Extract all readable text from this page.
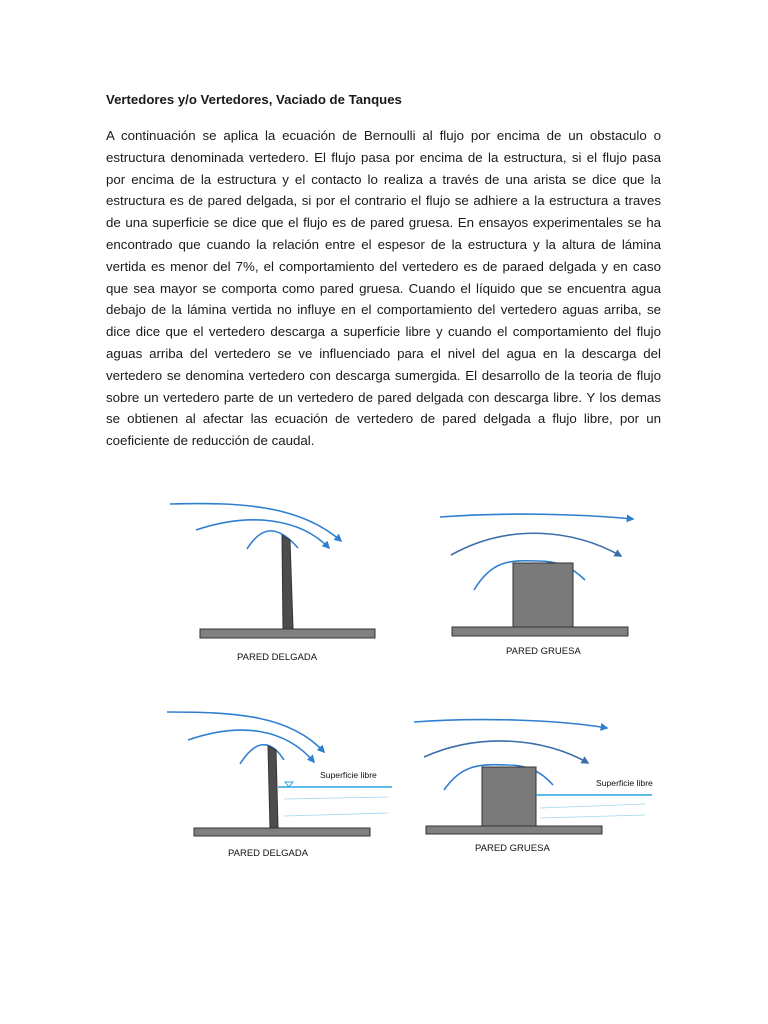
Vertedores y/o Vertedores, Vaciado de Tanques

A continuación se aplica la ecuación de Bernoulli al flujo por encima de un obstaculo o estructura denominada vertedero. El flujo pasa por encima de la estructura, si el flujo pasa por encima de la estructura y el contacto lo realiza a través de una arista se dice que la estructura es de pared delgada, si por el contrario el flujo se adhiere a la estructura a traves de una superficie se dice que el flujo es de pared gruesa. En ensayos experimentales se ha encontrado que cuando la relación entre el espesor de la estructura y la altura de lámina vertida es menor del 7%, el comportamiento del vertedero es de paraed delgada y en caso que sea mayor se comporta como pared gruesa. Cuando el líquido que se encuentra agua debajo de la lámina vertida no influye en el comportamiento del vertedero aguas arriba, se dice dice que el vertedero descarga a superficie libre y cuando el comportamiento del flujo aguas arriba del vertedero se ve influenciado para el nivel del agua en la descarga del vertedero se denomina vertedero con descarga sumergida. El desarrollo de la teoria de flujo sobre un vertedero parte de un vertedero de pared delgada con descarga libre. Y los demas se obtienen al afectar las ecuación de vertedero de pared delgada a flujo libre, por un coeficiente de reducción de caudal.

Superficie libre
Superficie libre
PARED DELGADA
PARED GRUESA
PARED DELGADA	PARED GRUESA
